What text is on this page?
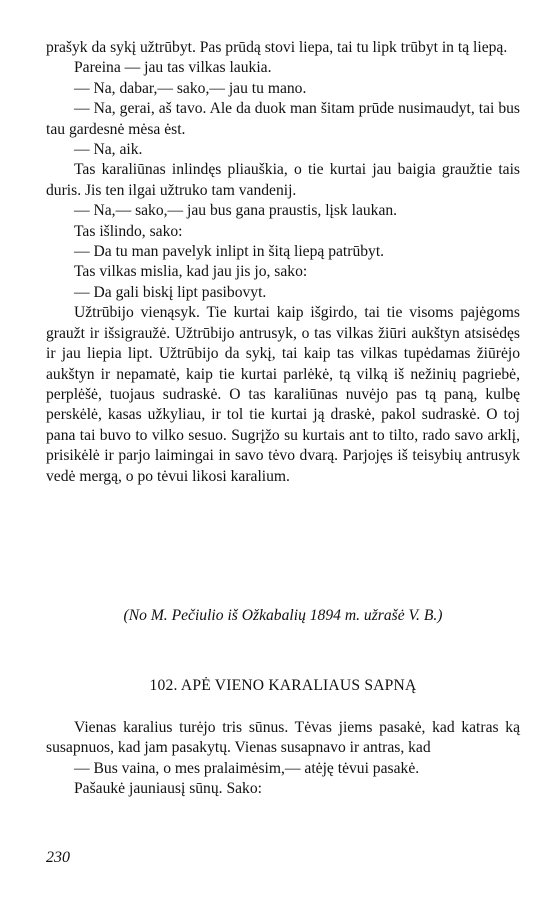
prašyk da sykį užtrūbyt. Pas prūdą stovi liepa, tai tu lipk trūbyt in tą liepą.

Pareina — jau tas vilkas laukia.

— Na, dabar,— sako,— jau tu mano.

— Na, gerai, aš tavo. Ale da duok man šitam prūde nusimaudyt, tai bus tau gardesnė mėsa ėst.

— Na, aik.

Tas karaliūnas inlindęs pliauškia, o tie kurtai jau baigia graužtie tais duris. Jis ten ilgai užtruko tam vandenij.

— Na,— sako,— jau bus gana praustis, lįsk laukan.

Tas išlindo, sako:

— Da tu man pavelyk inlipt in šitą liepą patrūbyt.

Tas vilkas mislia, kad jau jis jo, sako:

— Da gali biskį lipt pasibovyt.

Užtrūbijo vienąsyk. Tie kurtai kaip išgirdo, tai tie visoms pajėgoms graužt ir išsigraužė. Užtrūbijo antrusyk, o tas vilkas žiūri aukštyn atsisėdęs ir jau liepia lipt. Užtrūbijo da sykį, tai kaip tas vilkas tupėdamas žiūrėjo aukštyn ir nepamatė, kaip tie kurtai parlėkė, tą vilką iš nežinių pagriebė, perplėšė, tuojaus sudraskė. O tas karaliūnas nuvėjo pas tą paną, kulbę perskėlė, kasas užkyliau, ir tol tie kurtai ją draskė, pakol sudraskė. O toj pana tai buvo to vilko sesuo. Sugrįžo su kurtais ant to tilto, rado savo arklį, prisikėlė ir parjo laimingai in savo tėvo dvarą. Parjojęs iš teisybių antrusyk vedė mergą, o po tėvui likosi karalium.

(No M. Pečiulio iš Ožkabalių 1894 m. užrašė V. B.)
102. APĖ VIENO KARALIAUS SAPNĄ

Vienas karalius turėjo tris sūnus. Tėvas jiems pasakė, kad katras ką susapnuos, kad jam pasakytų. Vienas susapnavo ir antras, kad

— Bus vaina, o mes pralaimėsim,— atėję tėvui pasakė.

Pašaukė jauniausį sūnų. Sako:

230
